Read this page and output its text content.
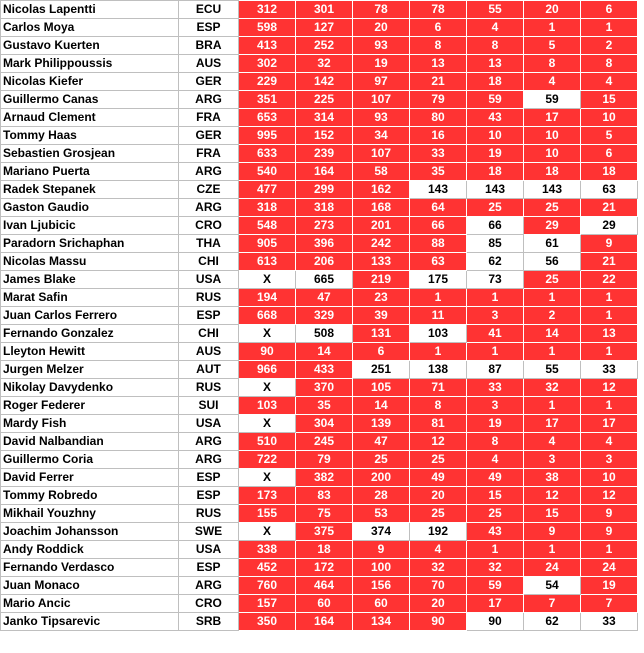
Nicolas Lapentti	ECU	312	301	78	78	55	20	6
Carlos Moya	ESP	598	127	20	6	4	1	1
Gustavo Kuerten	BRA	413	252	93	8	8	5	2
Mark Philippoussis	AUS	302	32	19	13	13	8	8
Nicolas Kiefer	GER	229	142	97	21	18	4	4
Guillermo Canas	ARG	351	225	107	79	59	59	15
Arnaud Clement	FRA	653	314	93	80	43	17	10
Tommy Haas	GER	995	152	34	16	10	10	5
Sebastien Grosjean	FRA	633	239	107	33	19	10	6
Mariano Puerta	ARG	540	164	58	35	18	18	18
Radek Stepanek	CZE	477	299	162	143	143	143	63
Gaston Gaudio	ARG	318	318	168	64	25	25	21
Ivan Ljubicic	CRO	548	273	201	66	66	29	29
Paradorn Srichaphan	THA	905	396	242	88	85	61	9
Nicolas Massu	CHI	613	206	133	63	62	56	21
James Blake	USA	X	665	219	175	73	25	22
Marat Safin	RUS	194	47	23	1	1	1	1
Juan Carlos Ferrero	ESP	668	329	39	11	3	2	1
Fernando Gonzalez	CHI	X	508	131	103	41	14	13
Lleyton Hewitt	AUS	90	14	6	1	1	1	1
Jurgen Melzer	AUT	966	433	251	138	87	55	33
Nikolay Davydenko	RUS	X	370	105	71	33	32	12
Roger Federer	SUI	103	35	14	8	3	1	1
Mardy Fish	USA	X	304	139	81	19	17	17
David Nalbandian	ARG	510	245	47	12	8	4	4
Guillermo Coria	ARG	722	79	25	25	4	3	3
David Ferrer	ESP	X	382	200	49	49	38	10
Tommy Robredo	ESP	173	83	28	20	15	12	12
Mikhail Youzhny	RUS	155	75	53	25	25	15	9
Joachim Johansson	SWE	X	375	374	192	43	9	9
Andy Roddick	USA	338	18	9	4	1	1	1
Fernando Verdasco	ESP	452	172	100	32	32	24	24
Juan Monaco	ARG	760	464	156	70	59	54	19
Mario Ancic	CRO	157	60	60	20	17	7	7
Janko Tipsarevic	SRB	350	164	134	90	90	62	33
